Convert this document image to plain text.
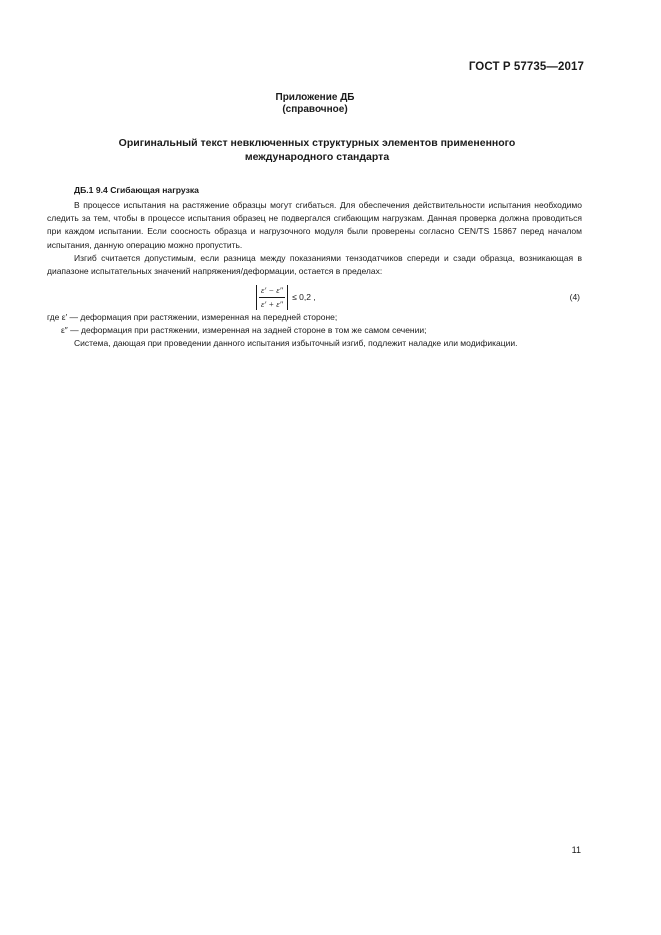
ГОСТ Р 57735—2017
Приложение ДБ
(справочное)
Оригинальный текст невключенных структурных элементов примененного международного стандарта
ДБ.1 9.4 Сгибающая нагрузка

В процессе испытания на растяжение образцы могут сгибаться. Для обеспечения действительности испытания необходимо следить за тем, чтобы в процессе испытания образец не подвергался сгибающим нагрузкам. Данная проверка должна проводиться при каждом испытании. Если соосность образца и нагрузочного модуля были проверены согласно CEN/TS 15867 перед началом испытания, данную операцию можно пропустить.

Изгиб считается допустимым, если разница между показаниями тензодатчиков спереди и сзади образца, возникающая в диапазоне испытательных значений напряжения/деформации, остается в пределах:

$\frac{\varepsilon' - \varepsilon''}{\varepsilon' + \varepsilon''} \le 0,2$ ,	(4)
где ε′ — деформация при растяжении, измеренная на передней стороне;
ε″ — деформация при растяжении, измеренная на задней стороне в том же самом сечении;
Система, дающая при проведении данного испытания избыточный изгиб, подлежит наладке или модификации.
11
